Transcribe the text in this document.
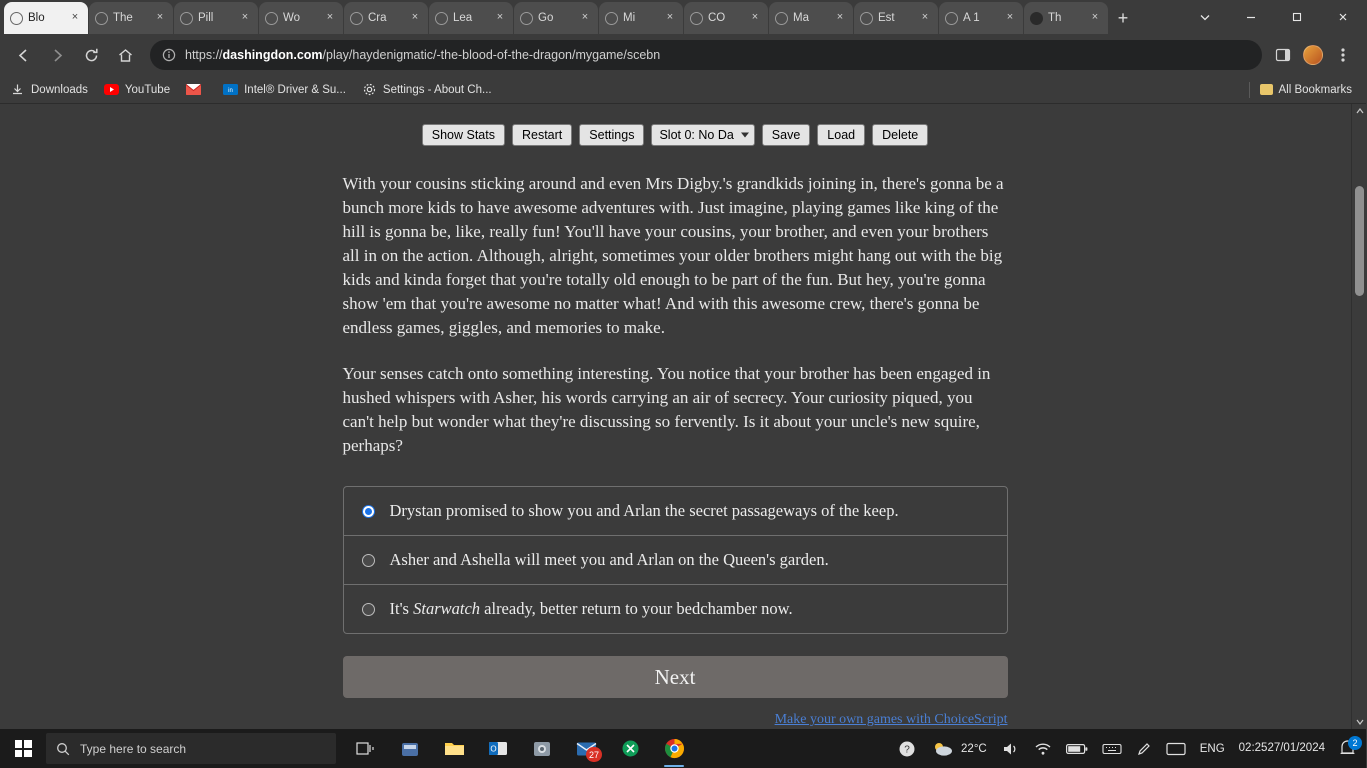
Blo	×	The	×	Pill	×	Wo	×	Cra	×	Lea	×	Go	×	Mi	×	CO	×	Ma	×	Est	×	A 1	×	Th	×	+
https://dashingdon.com/play/haydenigmatic/-the-blood-of-the-dragon/mygame/scebn
Downloads	YouTube	in Intel® Driver & Su...	Settings - About Ch...	All Bookmarks
Show Stats	Restart	Settings	Slot 0: No Da	Save	Load	Delete

With your cousins sticking around and even Mrs Digby.'s grandkids joining in, there's gonna be a bunch more kids to have awesome adventures with. Just imagine, playing games like king of the hill is gonna be, like, really fun! You'll have your cousins, your brother, and even your brothers all in on the action. Although, alright, sometimes your older brothers might hang out with the big kids and kinda forget that you're totally old enough to be part of the fun. But hey, you're gonna show 'em that you're awesome no matter what! And with this awesome crew, there's gonna be endless games, giggles, and memories to make.

Your senses catch onto something interesting. You notice that your brother has been engaged in hushed whispers with Asher, his words carrying an air of secrecy. Your curiosity piqued, you can't help but wonder what they're discussing so fervently. Is it about your uncle's new squire, perhaps?

Drystan promised to show you and Arlan the secret passageways of the keep.
Asher and Ashella will meet you and Arlan on the Queen's garden.
It's Starwatch already, better return to your bedchamber now.
Next
Make your own games with ChoiceScript
Type here to search	O
27	?	22°C	ENG 02:25 27/01/2024	2
